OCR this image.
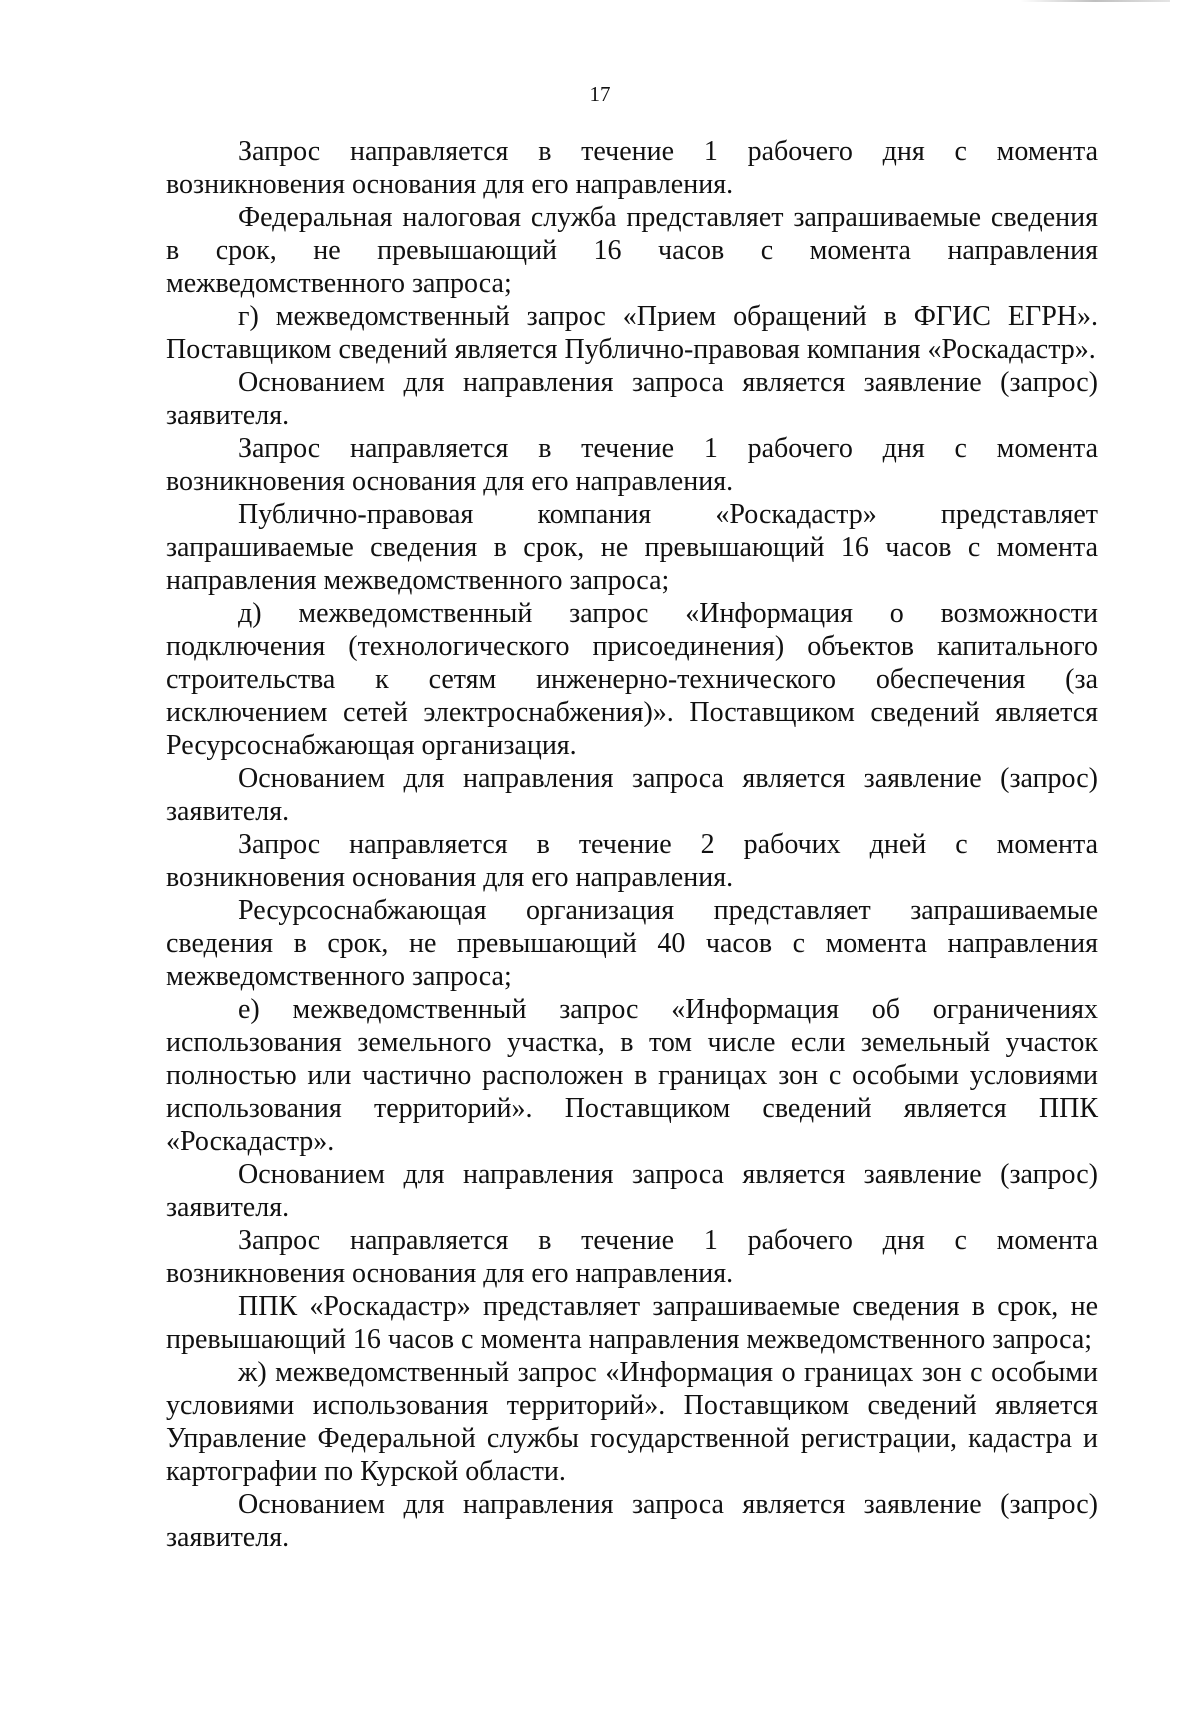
17

Запрос направляется в течение 1 рабочего дня с момента возникновения основания для его направления.

Федеральная налоговая служба представляет запрашиваемые сведения в срок, не превышающий 16 часов с момента направления межведомственного запроса;

г) межведомственный запрос «Прием обращений в ФГИС ЕГРН». Поставщиком сведений является Публично-правовая компания «Роскадастр».

Основанием для направления запроса является заявление (запрос) заявителя.

Запрос направляется в течение 1 рабочего дня с момента возникновения основания для его направления.

Публично-правовая компания «Роскадастр» представляет запрашиваемые сведения в срок, не превышающий 16 часов с момента направления межведомственного запроса;

д) межведомственный запрос «Информация о возможности подключения (технологического присоединения) объектов капитального строительства к сетям инженерно-технического обеспечения (за исключением сетей электроснабжения)». Поставщиком сведений является Ресурсоснабжающая организация.

Основанием для направления запроса является заявление (запрос) заявителя.

Запрос направляется в течение 2 рабочих дней с момента возникновения основания для его направления.

Ресурсоснабжающая организация представляет запрашиваемые сведения в срок, не превышающий 40 часов с момента направления межведомственного запроса;

е) межведомственный запрос «Информация об ограничениях использования земельного участка, в том числе если земельный участок полностью или частично расположен в границах зон с особыми условиями использования территорий». Поставщиком сведений является ППК «Роскадастр».

Основанием для направления запроса является заявление (запрос) заявителя.

Запрос направляется в течение 1 рабочего дня с момента возникновения основания для его направления.

ППК «Роскадастр» представляет запрашиваемые сведения в срок, не превышающий 16 часов с момента направления межведомственного запроса;

ж) межведомственный запрос «Информация о границах зон с особыми условиями использования территорий». Поставщиком сведений является Управление Федеральной службы государственной регистрации, кадастра и картографии по Курской области.

Основанием для направления запроса является заявление (запрос) заявителя.
